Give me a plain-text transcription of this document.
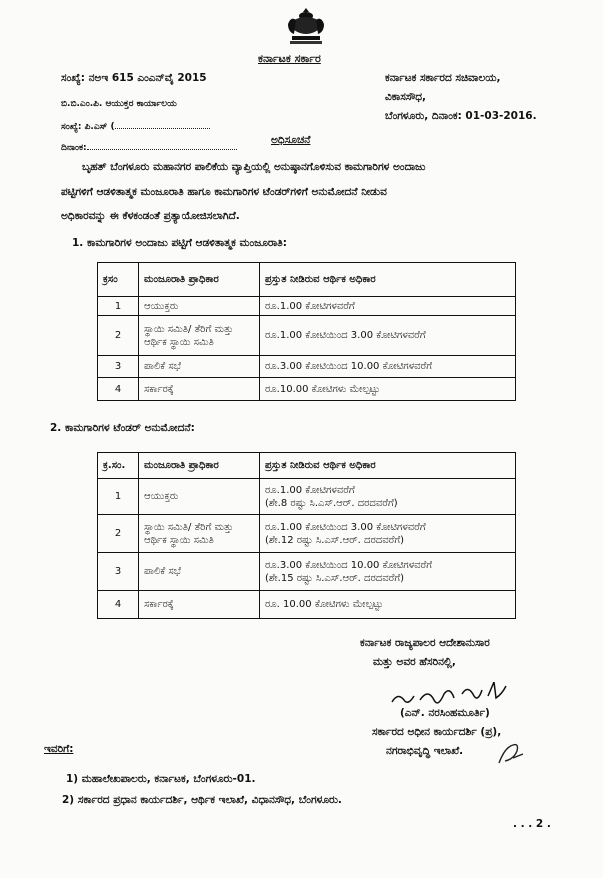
ಕರ್ನಾಟಕ ಸರ್ಕಾರ
ಸಂಖ್ಯೆ: ನಅಇ 615 ಎಂಎನ್‌ವೈ 2015
ಬಿ.ಬಿ.ಎಂ.ಪಿ. ಆಯುಕ್ತರ ಕಾರ್ಯಾಲಯ
ಸಂಖ್ಯೆ: ಪಿ.ಎಸ್ (
ದಿನಾಂಕ:
ಕರ್ನಾಟಕ ಸರ್ಕಾರದ ಸಚಿವಾಲಯ,
ವಿಕಾಸಸೌಧ,
ಬೆಂಗಳೂರು, ದಿನಾಂಕ: 01-03-2016.
ಅಧಿಸೂಚನೆ
ಬೃಹತ್ ಬೆಂಗಳೂರು ಮಹಾನಗರ ಪಾಲಿಕೆಯ ವ್ಯಾಪ್ತಿಯಲ್ಲಿ ಅನುಷ್ಠಾನಗೊಳಿಸುವ ಕಾಮಗಾರಿಗಳ ಅಂದಾಜು
ಪಟ್ಟಿಗಳಿಗೆ ಆಡಳಿತಾತ್ಮಕ ಮಂಜೂರಾತಿ ಹಾಗೂ ಕಾಮಗಾರಿಗಳ ಟೆಂಡರ್‌ಗಳಿಗೆ ಅನುಮೋದನೆ ನೀಡುವ
ಅಧಿಕಾರವನ್ನು ಈ ಕೆಳಕಂಡಂತೆ ಪ್ರತ್ಯಾಯೋಜಿಸಲಾಗಿದೆ.
1. ಕಾಮಗಾರಿಗಳ ಅಂದಾಜು ಪಟ್ಟಿಗೆ ಆಡಳಿತಾತ್ಮಕ ಮಂಜೂರಾತಿ:
ಕ್ರಸಂ	ಮಂಜೂರಾತಿ ಪ್ರಾಧಿಕಾರ	ಪ್ರಸ್ತುತ ನೀಡಿರುವ ಆರ್ಥಿಕ ಅಧಿಕಾರ
1	ಆಯುಕ್ತರು	ರೂ.1.00 ಕೋಟಿಗಳವರೆಗೆ
2	ಸ್ಥಾಯಿ ಸಮಿತಿ/ ತೆರಿಗೆ ಮತ್ತು
ಆರ್ಥಿಕ ಸ್ಥಾಯಿ ಸಮಿತಿ	ರೂ.1.00 ಕೋಟಿಯಿಂದ 3.00 ಕೋಟಿಗಳವರೆಗೆ
3	ಪಾಲಿಕೆ ಸಭೆ	ರೂ.3.00 ಕೋಟಿಯಿಂದ 10.00 ಕೋಟಿಗಳವರೆಗೆ
4	ಸರ್ಕಾರಕ್ಕೆ	ರೂ.10.00 ಕೋಟಿಗಳು ಮೇಲ್ಪಟ್ಟು
2. ಕಾಮಗಾರಿಗಳ ಟೆಂಡರ್ ಅನುಮೋದನೆ:
ಕ್ರ.ಸಂ.	ಮಂಜೂರಾತಿ ಪ್ರಾಧಿಕಾರ	ಪ್ರಸ್ತುತ ನೀಡಿರುವ ಆರ್ಥಿಕ ಅಧಿಕಾರ
1	ಆಯುಕ್ತರು	ರೂ.1.00 ಕೋಟಿಗಳವರೆಗೆ
(ಶೇ.8 ರಷ್ಟು ಸಿ.ಎಸ್.ಆರ್. ದರದವರೆಗೆ)

2	ಸ್ಥಾಯಿ ಸಮಿತಿ/ ತೆರಿಗೆ ಮತ್ತು
ಆರ್ಥಿಕ ಸ್ಥಾಯಿ ಸಮಿತಿ	ರೂ.1.00 ಕೋಟಿಯಿಂದ 3.00 ಕೋಟಿಗಳವರೆಗೆ
(ಶೇ.12 ರಷ್ಟು ಸಿ.ಎಸ್.ಆರ್. ದರದವರೆಗೆ)

3	ಪಾಲಿಕೆ ಸಭೆ	ರೂ.3.00 ಕೋಟಿಯಿಂದ 10.00 ಕೋಟಿಗಳವರೆಗೆ
(ಶೇ.15 ರಷ್ಟು ಸಿ.ಎಸ್.ಆರ್. ದರದವರೆಗೆ)

4	ಸರ್ಕಾರಕ್ಕೆ	ರೂ. 10.00 ಕೋಟಿಗಳು ಮೇಲ್ಪಟ್ಟು
ಕರ್ನಾಟಕ ರಾಜ್ಯಪಾಲರ ಆದೇಶಾನುಸಾರ
ಮತ್ತು ಅವರ ಹೆಸರಿನಲ್ಲಿ,
(ಎನ್. ನರಸಿಂಹಮೂರ್ತಿ)
ಸರ್ಕಾರದ ಅಧೀನ ಕಾರ್ಯದರ್ಶಿ (ಪ್ರ),
ನಗರಾಭಿವೃದ್ಧಿ ಇಲಾಖೆ.
ಇವರಿಗೆ:
1) ಮಹಾಲೇಖಪಾಲರು, ಕರ್ನಾಟಕ, ಬೆಂಗಳೂರು-01.
2) ಸರ್ಕಾರದ ಪ್ರಧಾನ ಕಾರ್ಯದರ್ಶಿ, ಆರ್ಥಿಕ ಇಲಾಖೆ, ವಿಧಾನಸೌಧ, ಬೆಂಗಳೂರು.
. . . 2 .
